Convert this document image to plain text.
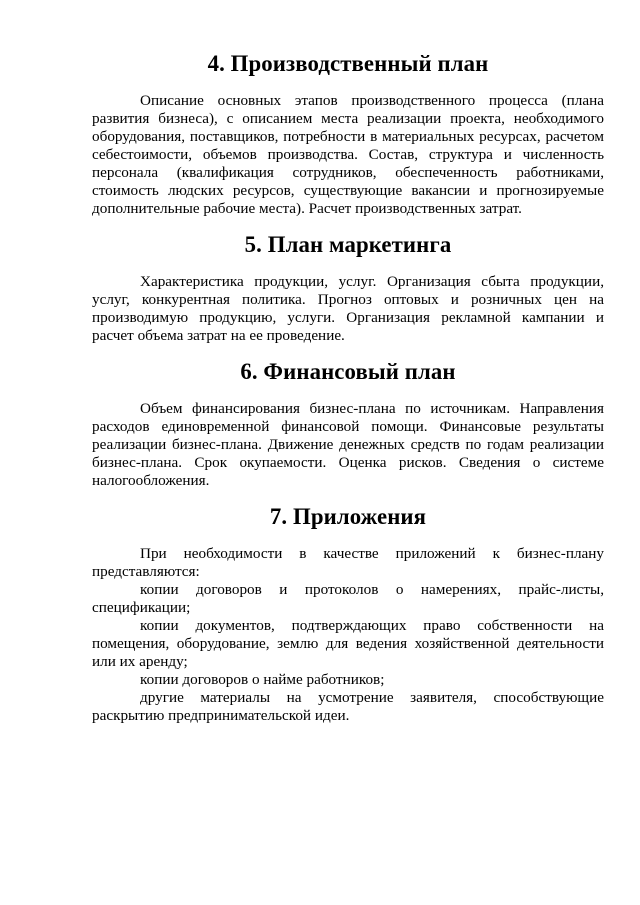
4. Производственный план

Описание основных этапов производственного процесса (плана развития бизнеса), с описанием места реализации проекта, необходимого оборудования, поставщиков, потребности в материальных ресурсах, расчетом себестоимости, объемов производства. Состав, структура и численность персонала (квалификация сотрудников, обеспеченность работниками, стоимость людских ресурсов, существующие вакансии и прогнозируемые дополнительные рабочие места). Расчет производственных затрат.

5. План маркетинга

Характеристика продукции, услуг. Организация сбыта продукции, услуг, конкурентная политика. Прогноз оптовых и розничных цен на производимую продукцию, услуги. Организация рекламной кампании и расчет объема затрат на ее проведение.

6. Финансовый план

Объем финансирования бизнес-плана по источникам. Направления расходов единовременной финансовой помощи. Финансовые результаты реализации бизнес-плана. Движение денежных средств по годам реализации бизнес-плана. Срок окупаемости. Оценка рисков. Сведения о системе налогообложения.

7. Приложения

При необходимости в качестве приложений к бизнес-плану представляются:

копии договоров и протоколов о намерениях, прайс-листы, спецификации;

копии документов, подтверждающих право собственности на помещения, оборудование, землю для ведения хозяйственной деятельности или их аренду;

копии договоров о найме работников;

другие материалы на усмотрение заявителя, способствующие раскрытию предпринимательской идеи.
